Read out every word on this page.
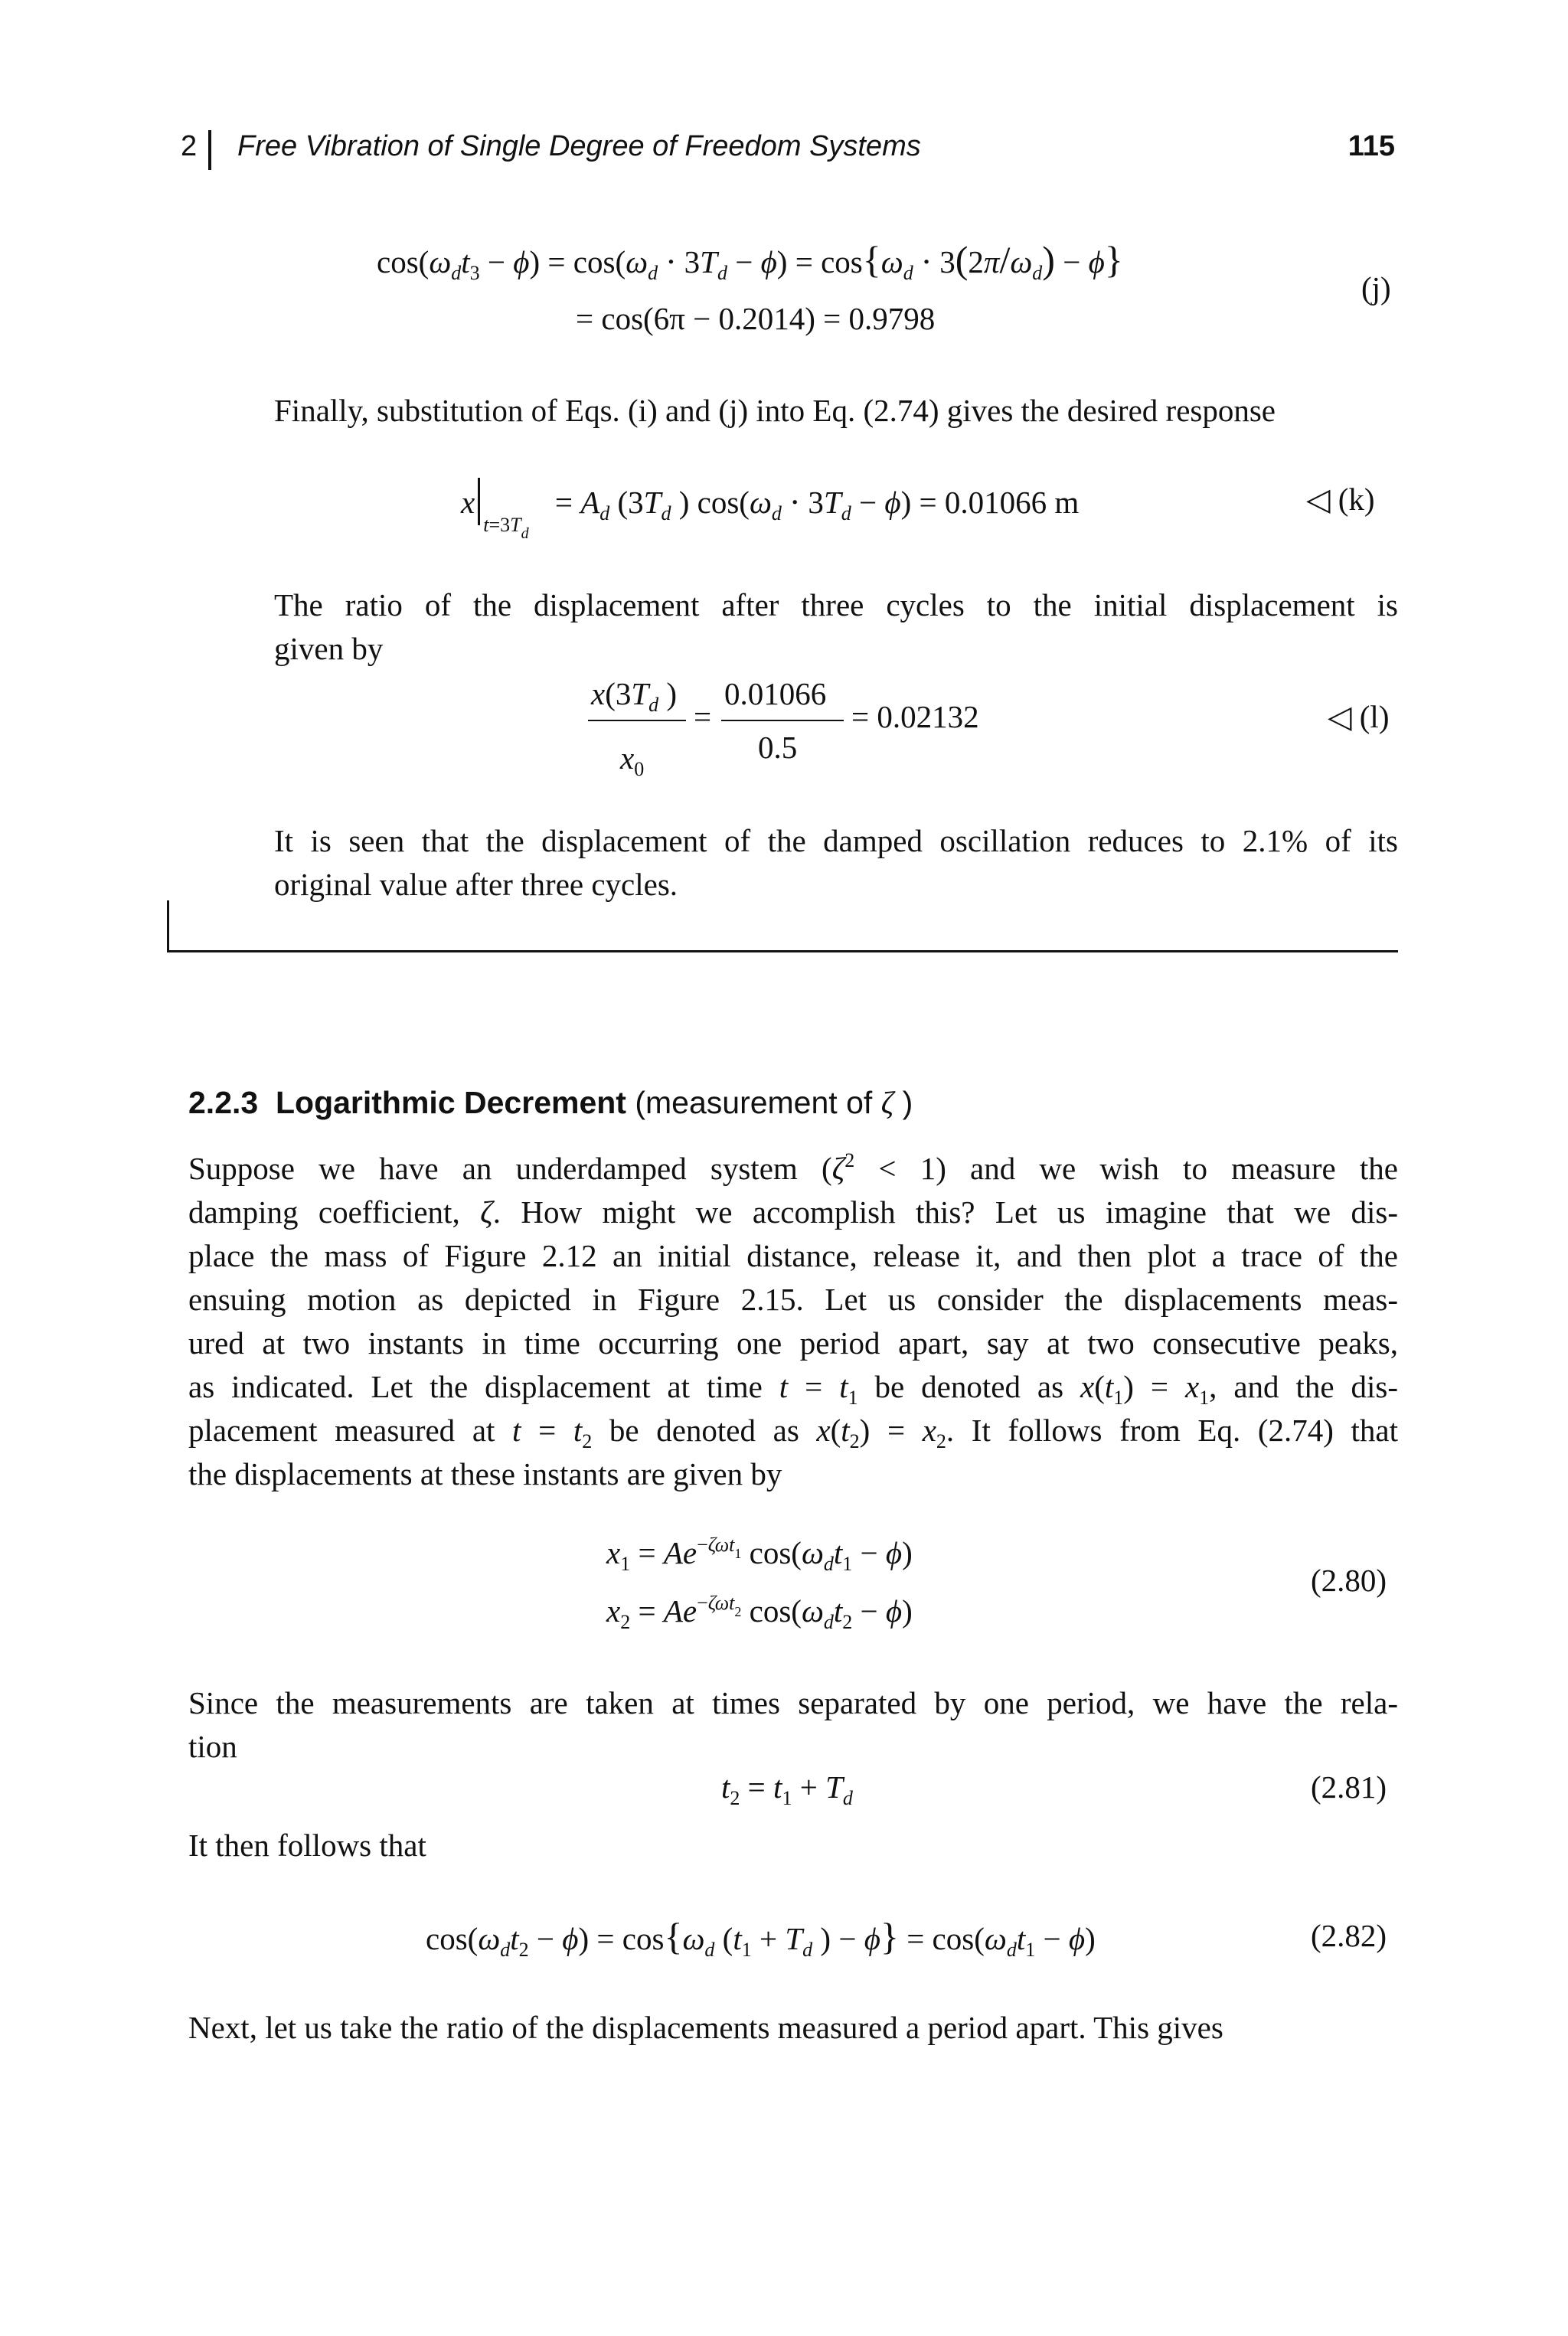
2 Free Vibration of Single Degree of Freedom Systems	115
$\cos(\omega_dt_3 - \phi) = \cos(\omega_d \cdot 3T_d - \phi) = \cos\{\omega_d \cdot 3(2\pi/\omega_d) - \phi\}$
= cos(6π − 0.2014) = 0.9798
(j)
Finally, substitution of Eqs. (i) and (j) into Eq. (2.74) gives the desired response
$x_{t=3T_d} = A_d$ ($3T_d$ ) $\cos(\omega_d \cdot 3T_d - \phi) = 0.01066$ m	◁ (k)
The ratio of the displacement after three cycles to the initial displacement is
given by
$x(3T_d$ )
$x_0$
=
0.01066
0.5
= 0.02132	◁ (l)
It is seen that the displacement of the damped oscillation reduces to 2.1% of its
original value after three cycles.
2.2.3 Logarithmic Decrement (measurement of ζ )
Suppose we have an underdamped system $(\zeta^2 < 1)$ and we wish to measure the
damping coefficient, ζ. How might we accomplish this? Let us imagine that we dis-
place the mass of Figure 2.12 an initial distance, release it, and then plot a trace of the
ensuing motion as depicted in Figure 2.15. Let us consider the displacements meas-
ured at two instants in time occurring one period apart, say at two consecutive peaks,
as indicated. Let the displacement at time $t = t_1$ be denoted as $x(t_1) = x_1$, and the dis-
placement measured at $t = t_2$ be denoted as $x(t_2) = x_2$. It follows from Eq. (2.74) that
the displacements at these instants are given by
$x_1 = Ae^{-\zeta\omega t_1}$ $\cos(\omega_dt_1 - \phi)$
$x_2 = Ae^{-\zeta\omega t_2}$ $\cos(\omega_dt_2 - \phi)$
(2.80)
Since the measurements are taken at times separated by one period, we have the rela-
tion
$t_2 = t_1 + T_d$	(2.81)
It then follows that
$\cos(\omega_dt_2 - \phi) = \cos\{\omega_d$ ($t_1 + T_d$ ) − $\phi\} = \cos(\omega_dt_1 - \phi)$	(2.82)
Next, let us take the ratio of the displacements measured a period apart. This gives
